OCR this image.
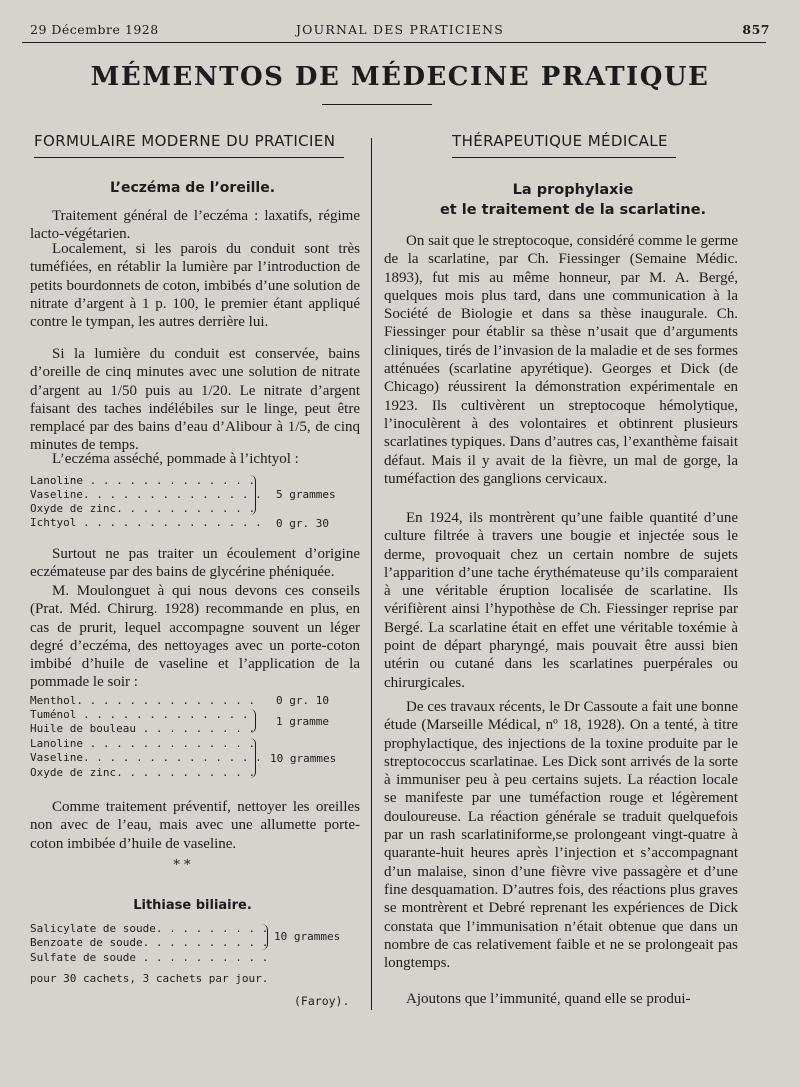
29 Décembre 1928	JOURNAL DES PRATICIENS	857
MÉMENTOS DE MÉDECINE PRATIQUE
FORMULAIRE MODERNE DU PRATICIEN
L’eczéma de l’oreille.

Traitement général de l’eczéma : laxatifs, régime lacto-végétarien.

Localement, si les parois du conduit sont très tuméfiées, en rétablir la lumière par l’introduction de petits bourdonnets de coton, imbibés d’une solution de nitrate d’argent à 1 p. 100, le premier étant appliqué contre le tympan, les autres derrière lui.

Si la lumière du conduit est conservée, bains d’oreille de cinq minutes avec une solution de nitrate d’argent au 1/50 puis au 1/20. Le nitrate d’argent faisant des taches indélébiles sur le linge, peut être remplacé par des bains d’eau d’Alibour à 1/5, de cinq minutes de temps.

L’eczéma asséché, pommade à l’ichtyol :

Lanoline . . . . . . . . . . . . .
Vaseline. . . . . . . . . . . . . .
Oxyde de zinc. . . . . . . . . . .
Ichtyol . . . . . . . . . . . . . .
5 grammes
0 gr. 30

Surtout ne pas traiter un écoulement d’origine eczémateuse par des bains de glycérine phéniquée.

M. Moulonguet à qui nous devons ces conseils (Prat. Méd. Chirurg. 1928) recommande en plus, en cas de prurit, lequel accompagne souvent un léger degré d’eczéma, des nettoyages avec un porte-coton imbibé d’huile de vaseline et l’application de la pommade le soir :

Menthol. . . . . . . . . . . . . .
Tuménol . . . . . . . . . . . . .
Huile de bouleau . . . . . . . . .
Lanoline . . . . . . . . . . . . .
Vaseline. . . . . . . . . . . . . .
Oxyde de zinc. . . . . . . . . . .
0 gr. 10
1 gramme
10 grammes

Comme traitement préventif, nettoyer les oreilles non avec de l’eau, mais avec une allumette porte-coton imbibée d’huile de vaseline.

* *
Lithiase biliaire.
Salicylate de soude. . . . . . . . .
Benzoate de soude. . . . . . . . . .
Sulfate de soude . . . . . . . . . .
10 grammes
pour 30 cachets, 3 cachets par jour.
(Faroy).
THÉRAPEUTIQUE MÉDICALE
La prophylaxie
et le traitement de la scarlatine.

On sait que le streptocoque, considéré comme le germe de la scarlatine, par Ch. Fiessinger (Semaine Médic. 1893), fut mis au même honneur, par M. A. Bergé, quelques mois plus tard, dans une communication à la Société de Biologie et dans sa thèse inaugurale. Ch. Fiessinger pour établir sa thèse n’usait que d’arguments cliniques, tirés de l’invasion de la maladie et de ses formes atténuées (scarlatine apyrétique). Georges et Dick (de Chicago) réussirent la démonstration expérimentale en 1923. Ils cultivèrent un streptocoque hémolytique, l’inoculèrent à des volontaires et obtinrent plusieurs scarlatines typiques. Dans d’autres cas, l’exanthème faisait défaut. Mais il y avait de la fièvre, un mal de gorge, la tuméfaction des ganglions cervicaux.

En 1924, ils montrèrent qu’une faible quantité d’une culture filtrée à travers une bougie et injectée sous le derme, provoquait chez un certain nombre de sujets l’apparition d’une tache érythémateuse qu’ils comparaient à une véritable éruption localisée de scarlatine. Ils vérifièrent ainsi l’hypothèse de Ch. Fiessinger reprise par Bergé. La scarlatine était en effet une véritable toxémie à point de départ pharyngé, mais pouvait être aussi bien utérin ou cutané dans les scarlatines puerpérales ou chirurgicales.

De ces travaux récents, le Dr Cassoute a fait une bonne étude (Marseille Médical, nº 18, 1928). On a tenté, à titre prophylactique, des injections de la toxine produite par le streptococcus scarlatinae. Les Dick sont arrivés de la sorte à immuniser peu à peu certains sujets. La réaction locale se manifeste par une tuméfaction rouge et légèrement douloureuse. La réaction générale se traduit quelquefois par un rash scarlatiniforme,se prolongeant vingt-quatre à quarante-huit heures après l’injection et s’accompagnant d’un malaise, sinon d’une fièvre vive passagère et d’une fine desquamation. D’autres fois, des réactions plus graves se montrèrent et Debré reprenant les expériences de Dick constata que l’immunisation n’était obtenue que dans un nombre de cas relativement faible et ne se prolongeait pas longtemps.

Ajoutons que l’immunité, quand elle se produi-
